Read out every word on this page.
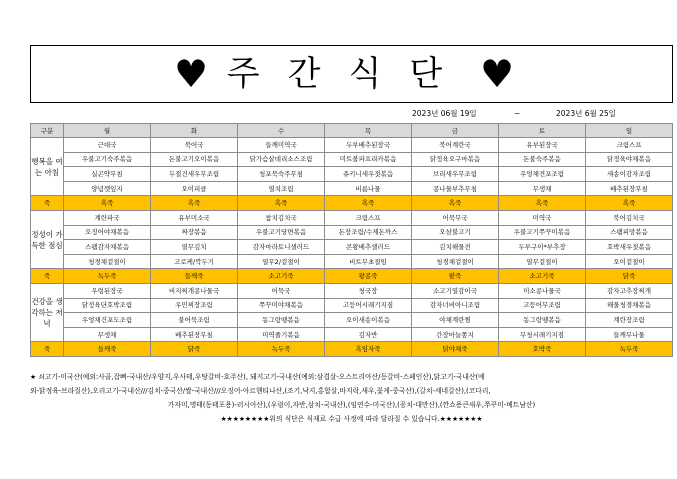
♥ 주간식단 ♥
2023년 06월 19일	~	2023년 6월 25일
구분	월	화	수	목	금	토	일
행복을 여는 아침	근대국	북어국	들깨미역국	두부배추된장국	북어계란국	유부된장국	크림스프
	우불고기숙주볶음	돈불고기오이볶음	닭가슴살데리소스조림	미트볼파프리카볶음	닭정육오구마볶음	돈불숙주볶음	닭정육야채볶음
	실곤약무침	두절건새우무조림	청포묵숙주무침	쥬키니새우젓볶음	브리새우무조림	우엉채견포조림	새송이감자조림
	양념깻잎지	오이피클	열치조림	비름나물	콩나물부추무침	무생채	배추된장무침
죽	흑죽	흑죽	흑죽	흑죽	흑죽	흑죽	흑죽
정성이 가득한 점심	계란파국	유부미소국	참치김치국	크림스프	어묵무국	미역국	북어김치국
	오징어야채볶음	짜장볶음	우불고기당면볶음	돈장조림/수제돈까스	오삼불고기	우불고기쭈꾸미볶음	스팸피망볶음
	스팸감자채볶음	열무김치	감자마라토니샐러드	콘왕배추샐러드	김치해물전	두부구이*부추장	호박새우젓볶음
	청경채겉절이	고로케/깍두기	열무2/겉절이	비트무초절임	청경채겉절이	열무겉절이	오이겉절이
죽	녹두죽	들깨죽	소고기죽	왕콩죽	팥죽	소고기죽	닭죽
건강을 생각하는 저녁	우렁된장국	비지찌개콩나물국	어묵국	청국장	소고기열감이국	미소콩나물국	감자고추장찌개
	닭정육단호박조림	우민찌장조림	쭈꾸미야채볶음	고등어시래기지짐	감자너비아니조림	고등어무조림	해물청경채볶음
	우엉채건포도조림	불어묵조림	동그랑땡볶음	오이새송이볶음	야채계란찜	동그랑땡볶음	계란장조림
	무생채	배추된장무침	미역줄기볶음	김자반	간장마늘쫑지	무청시래기지짐	들깨무나물
죽	들깨죽	닭죽	녹두죽	흑임자죽	닭야채죽	호박죽	녹두죽
★ 쇠고기-미국산(예외:사골,잡뼈-국내산/우양지,우사태,우탕갈비-호주산), 돼지고기-국내산(예외:삼겹살-오스트리아산/등갈비-스페인산),닭고기-국내산(예
외-닭정육-브라질산),오리고기-국내산///김치-중국산/쌀-국내산///오징어-아르헨티나산,(조기,낙지,홍합살,바지락,새우,꽃게-중국산),(갈치-세네갈산),(코다리,
가자미,명태(동태포용)-러시아산),(우렁이,자반,삼치-국내산),(임연수-미국산),(꽁치-대만산),(깐쇼용큰새우,쭈꾸미-베트남산)
★★★★★★★★위의 식단은 식재료 수급 사정에 따라 달라질 수 있습니다.★★★★★★★
